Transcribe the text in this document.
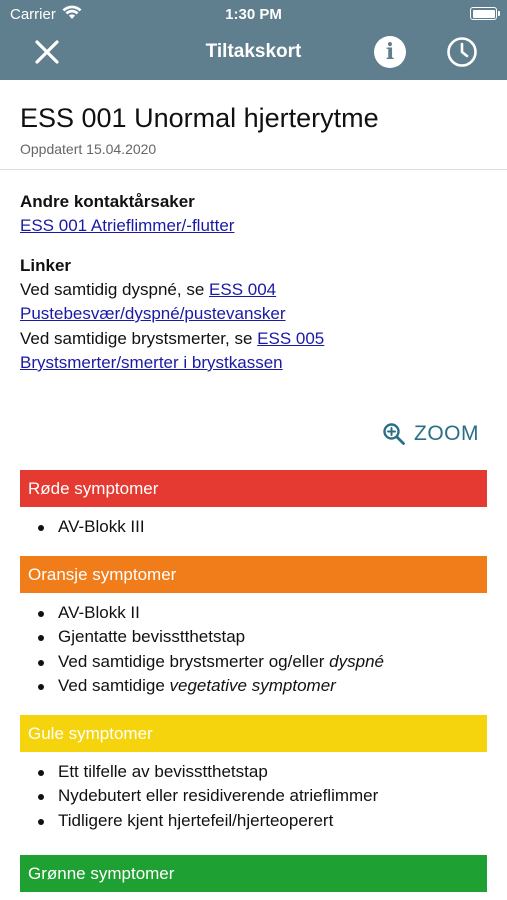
Carrier	1:30 PM
Tiltakskort	i
ESS 001 Unormal hjerterytme
Oppdatert 15.04.2020
Andre kontaktårsaker
ESS 001 Atrieflimmer/-flutter
Linker
Ved samtidig dyspné, se ESS 004
Pustebesvær/dyspné/pustevansker
Ved samtidige brystsmerter, se ESS 005
Brystsmerter/smerter i brystkassen
ZOOM
Røde symptomer
AV-Blokk III
Oransje symptomer
AV-Blokk II
Gjentatte bevisstthetstap
Ved samtidige brystsmerter og/eller dyspné
Ved samtidige vegetative symptomer
Gule symptomer
Ett tilfelle av bevisstthetstap
Nydebutert eller residiverende atrieflimmer
Tidligere kjent hjertefeil/hjerteoperert
Grønne symptomer
